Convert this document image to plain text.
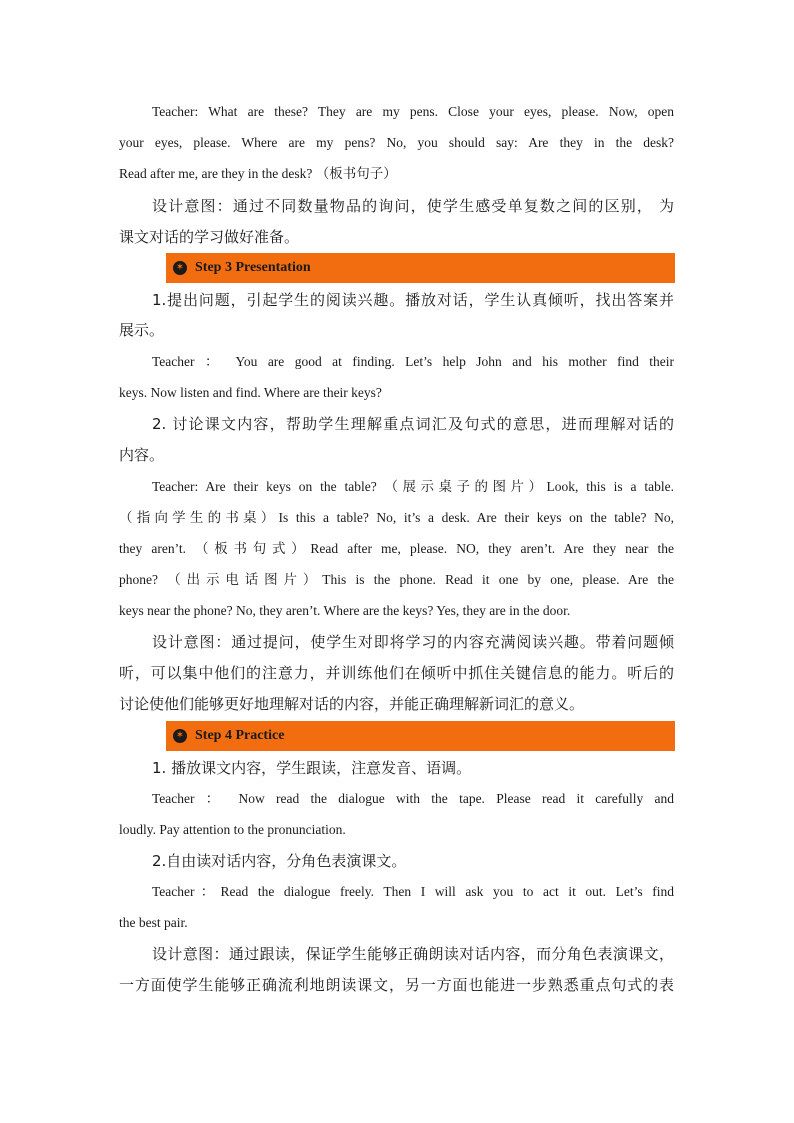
Teacher: What are these? They are my pens. Close your eyes, please. Now, open
your eyes, please. Where are my pens? No, you should say: Are they in the desk?
Read after me, are they in the desk? （板书句子）
设计意图：通过不同数量物品的询问，使学生感受单复数之间的区别， 为
课文对话的学习做好准备。
✶ Step 3 Presentation
1.提出问题，引起学生的阅读兴趣。播放对话，学生认真倾听，找出答案并
展示。
Teacher ： You are good at finding. Let’s help John and his mother find their
keys. Now listen and find. Where are their keys?
2. 讨论课文内容，帮助学生理解重点词汇及句式的意思，进而理解对话的
内容。
Teacher: Are their keys on the table? （展示桌子的图片）Look, this is a table.
（指向学生的书桌）Is this a table? No, it’s a desk. Are their keys on the table? No,
they aren’t. （板书句式）Read after me, please. NO, they aren’t. Are they near the
phone? （出示电话图片）This is the phone. Read it one by one, please. Are the
keys near the phone? No, they aren’t. Where are the keys? Yes, they are in the door.
设计意图：通过提问，使学生对即将学习的内容充满阅读兴趣。带着问题倾
听，可以集中他们的注意力，并训练他们在倾听中抓住关键信息的能力。听后的
讨论使他们能够更好地理解对话的内容，并能正确理解新词汇的意义。
✶ Step 4 Practice
1. 播放课文内容，学生跟读，注意发音、语调。
Teacher ： Now read the dialogue with the tape. Please read it carefully and
loudly. Pay attention to the pronunciation.
2.自由读对话内容，分角色表演课文。
Teacher：Read the dialogue freely. Then I will ask you to act it out. Let’s find
the best pair.
设计意图：通过跟读，保证学生能够正确朗读对话内容，而分角色表演课文，
一方面使学生能够正确流利地朗读课文，另一方面也能进一步熟悉重点句式的表
